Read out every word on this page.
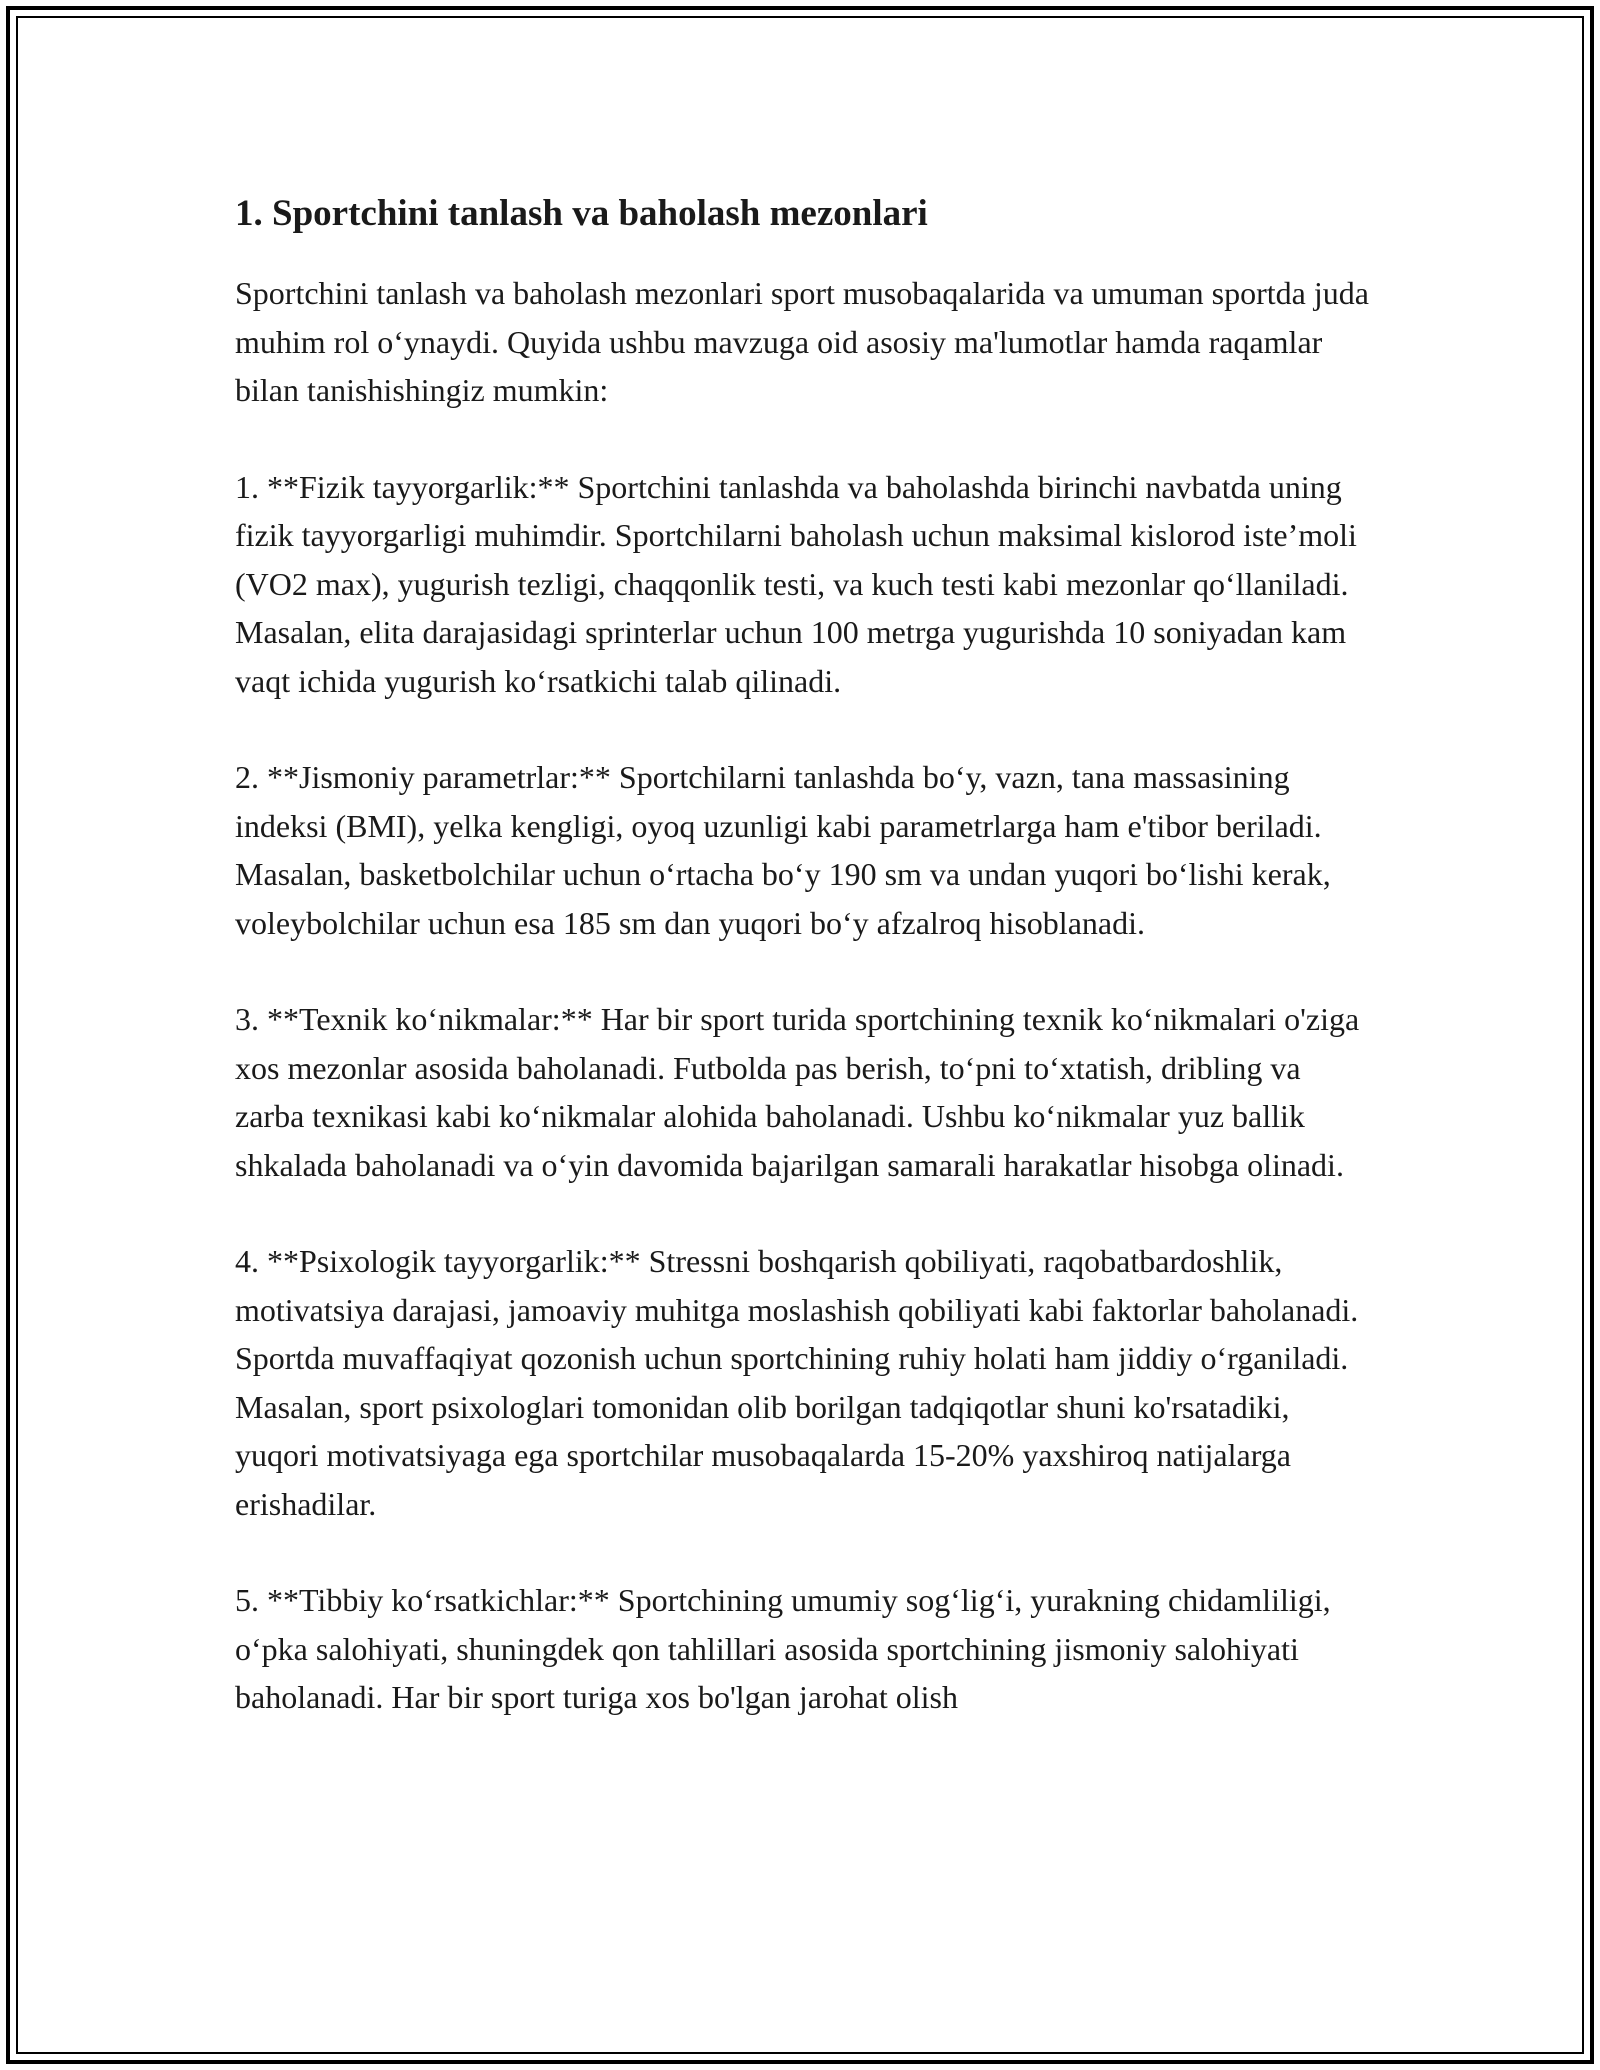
1. Sportchini tanlash va baholash mezonlari

Sportchini tanlash va baholash mezonlari sport musobaqalarida va umuman sportda juda muhim rol o‘ynaydi. Quyida ushbu mavzuga oid asosiy ma'lumotlar hamda raqamlar bilan tanishishingiz mumkin:

1. **Fizik tayyorgarlik:** Sportchini tanlashda va baholashda birinchi navbatda uning fizik tayyorgarligi muhimdir. Sportchilarni baholash uchun maksimal kislorod iste’moli (VO2 max), yugurish tezligi, chaqqonlik testi, va kuch testi kabi mezonlar qo‘llaniladi. Masalan, elita darajasidagi sprinterlar uchun 100 metrga yugurishda 10 soniyadan kam vaqt ichida yugurish ko‘rsatkichi talab qilinadi.

2. **Jismoniy parametrlar:** Sportchilarni tanlashda bo‘y, vazn, tana massasining indeksi (BMI), yelka kengligi, oyoq uzunligi kabi parametrlarga ham e'tibor beriladi. Masalan, basketbolchilar uchun o‘rtacha bo‘y 190 sm va undan yuqori bo‘lishi kerak, voleybolchilar uchun esa 185 sm dan yuqori bo‘y afzalroq hisoblanadi.

3. **Texnik ko‘nikmalar:** Har bir sport turida sportchining texnik ko‘nikmalari o'ziga xos mezonlar asosida baholanadi. Futbolda pas berish, to‘pni to‘xtatish, dribling va zarba texnikasi kabi ko‘nikmalar alohida baholanadi. Ushbu ko‘nikmalar yuz ballik shkalada baholanadi va o‘yin davomida bajarilgan samarali harakatlar hisobga olinadi.

4. **Psixologik tayyorgarlik:** Stressni boshqarish qobiliyati, raqobatbardoshlik, motivatsiya darajasi, jamoaviy muhitga moslashish qobiliyati kabi faktorlar baholanadi. Sportda muvaffaqiyat qozonish uchun sportchining ruhiy holati ham jiddiy o‘rganiladi. Masalan, sport psixologlari tomonidan olib borilgan tadqiqotlar shuni ko'rsatadiki, yuqori motivatsiyaga ega sportchilar musobaqalarda 15-20% yaxshiroq natijalarga erishadilar.

5. **Tibbiy ko‘rsatkichlar:** Sportchining umumiy sog‘lig‘i, yurakning chidamliligi, o‘pka salohiyati, shuningdek qon tahlillari asosida sportchining jismoniy salohiyati baholanadi. Har bir sport turiga xos bo'lgan jarohat olish
